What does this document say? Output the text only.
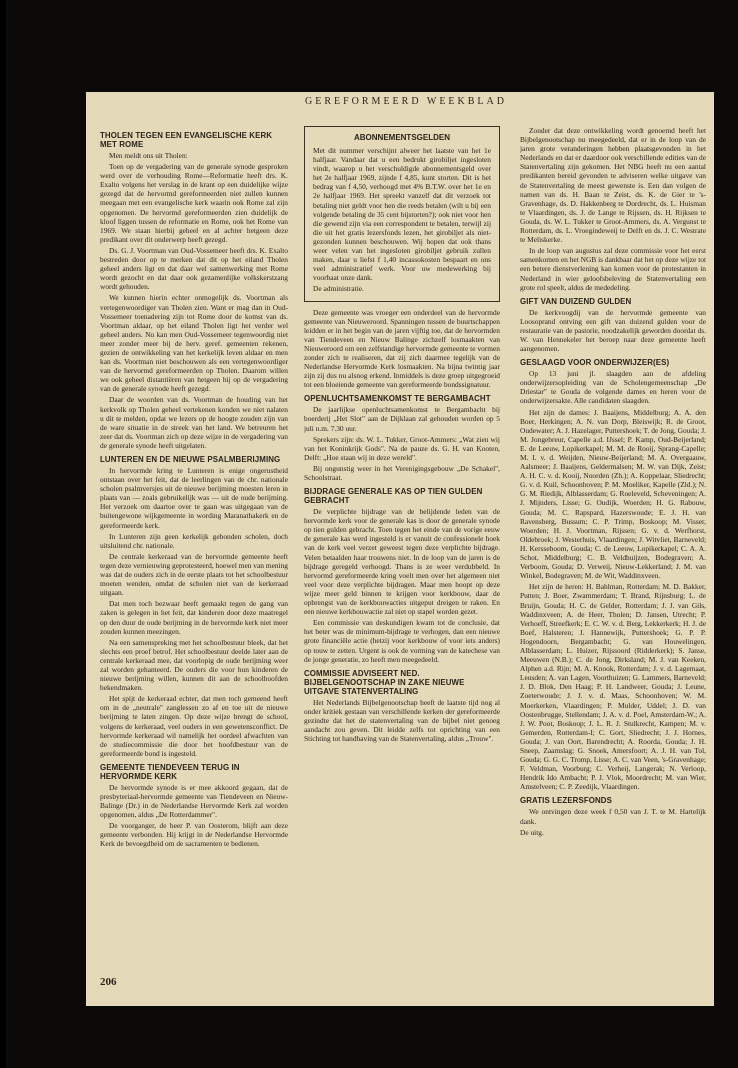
GEREFORMEERD WEEKBLAD
THOLEN TEGEN EEN EVANGELISCHE KERK MET ROME

Men meldt ons uit Tholen:

Toen op de vergadering van de generale synode gesproken werd over de verhouding Rome—Reformatie heeft drs. K. Exalto volgens het verslag in de krant op een duidelijke wijze gezegd dat de hervormd gereformeerden niet zullen kunnen meegaan met een evangelische kerk waarin ook Rome zal zijn opgenomen. De hervormd gereformeerden zien duidelijk de kloof liggen tussen de reformatie en Rome, ook het Rome van 1969. We staan hierbij geheel en al achter hetgeen deze predikant over dit onderwerp heeft gezegd.

Ds. G. J. Voortman van Oud-Vossemeer heeft drs. K. Exalto bestreden door op te merken dat dit op het eiland Tholen geheel anders ligt en dat daar wel samenwerking met Rome wordt gezocht en dat daar ook gezamenlijke volkskerstzang wordt gehouden.

We kunnen hierin echter onmogelijk ds. Voortman als vertegenwoordiger van Tholen zien. Want er mag dan in Oud-Vossemeer toenadering zijn tot Rome door de komst van ds. Voortman aldaar, op het eiland Tholen ligt het verder wel geheel anders. Nu kan men Oud-Vossemeer tegenwoordig niet meer zonder meer bij de herv. geref. gemeenten rekenen, gezien de ontwikkeling van het kerkelijk leven aldaar en men kan ds. Voortman niet beschouwen als een vertegenwoordiger van de hervormd gereformeerden op Tholen. Daarom willen we ook geheel distantiëren van hetgeen hij op de vergadering van de generale synode heeft gezegd.

Daar de woorden van ds. Voortman de houding van het kerkvolk op Tholen geheel vertekenen konden we niet nalaten u dit te melden, opdat we lezers op de hoogte zouden zijn van de ware situatie in de streek van het land. We betreuren het zeer dat ds. Voortman zich op deze wijze in de vergadering van de generale synode heeft uitgelaten.

LUNTEREN EN DE NIEUWE PSALMBERIJMING

In hervormde kring te Lunteren is enige ongerustheid ontstaan over het feit, dat de leerlingen van de chr. nationale scholen psalmversjes uit de nieuwe berijming moesten leren in plaats van — zoals gebruikelijk was — uit de oude berijming. Het verzoek om daartoe over te gaan was uitgegaan van de buitengewone wijkgemeente in wording Maranathakerk en de gereformeerde kerk.

In Lunteren zijn geen kerkelijk gebonden scholen, doch uitsluitend chr. nationale.

De centrale kerkeraad van de hervormde gemeente heeft tegen deze vernieuwing geprotesteerd, hoewel men van mening was dat de ouders zich in de eerste plaats tot het schoolbestuur moeten wenden, omdat de scholen niet van de kerkeraad uitgaan.

Dat men toch bezwaar heeft gemaakt tegen de gang van zaken is gelegen in het feit, dat kinderen door deze maatregel op den duur de oude berijming in de hervormde kerk niet meer zouden kunnen meezingen.

Na een samenspreking met het schoolbestuur bleek, dat het slechts een proef betrof. Het schoolbestuur deelde later aan de centrale kerkeraad mee, dat voorlopig de oude berijming weer zal worden gehanteerd. De ouders die voor hun kinderen de nieuwe berijming willen, kunnen dit aan de schoolhoofden bekendmaken.

Het spijt de kerkeraad echter, dat men toch gemeend heeft om in de „neutrale" zanglessen zo af en toe uit de nieuwe berijming te laten zingen. Op deze wijze brengt de school, volgens de kerkeraad, veel ouders in een gewetensconflict. De hervormde kerkeraad wil namelijk het oordeel afwachten van de studiecommissie die door het hoofdbestuur van de gereformeerde bond is ingesteld.

GEMEENTE TIENDEVEEN TERUG IN HERVORMDE KERK

De hervormde synode is er mee akkoord gegaan, dat de presbyteriaal-hervormde gemeente van Tiendeveen en Nieuw-Balinge (Dr.) in de Nederlandse Hervormde Kerk zal worden opgenomen, aldus „De Rotterdammer".

De voorganger, de heer P. van Oosterom, blijft aan deze gemeente verbonden. Hij krijgt in de Nederlandse Hervormde Kerk de bevoegdheid om de sacramenten te bedienen.

ABONNEMENTSGELDEN

Met dit nummer verschijnt alweer het laatste van het 1e halfjaar. Vandaar dat u een bedrukt girobiljet ingesloten vindt, waarop u het verschuldigde abonnementsgeld over het 2e halfjaar 1969, zijnde f 4,85, kunt storten. Dit is het bedrag van f 4,50, verhoogd met 4% B.T.W. over het 1e en 2e halfjaar 1969. Het spreekt vanzelf dat dit verzoek tot betaling niet geldt voor hen die reeds betalen (wilt u bij een volgende betaling de 35 cent bijstorten?); ook niet voor hen die gewend zijn via een correspondent te betalen, terwijl zij die uit het gratis lezersfonds lezen, het girobiljet als niet-gezonden kunnen beschouwen. Wij hopen dat ook thans weer velen van het ingesloten girobiljet gebruik zullen maken, daar u liefst f 1,40 incassokosten bespaart en ons veel administratief werk. Voor uw medewerking bij voorbaat onze dank.

De administratie.

Deze gemeente was vroeger een onderdeel van de hervormde gemeente van Nieuweroord. Spanningen tussen de buurtschappen leidden er in het begin van de jaren vijftig toe, dat de hervormden van Tiendeveen en Nieuw Balinge zichzelf losmaakten van Nieuweroord om een zelfstandige hervormde gemeente te vormen zonder zich te realiseren, dat zij zich daarmee tegelijk van de Nederlandse Hervormde Kerk losmaakten. Na bijna twintig jaar zijn zij dus nu alsnog erkend. Inmiddels is deze groep uitgegroeid tot een bloeiende gemeente van gereformeerde bondssignatuur.

OPENLUCHTSAMENKOMST TE BERGAMBACHT

De jaarlijkse openluchtsamenkomst te Bergambacht bij boerderij „Het Slot" aan de Dijklaan zal gehouden worden op 5 juli n.m. 7.30 uur.

Sprekers zijn: ds. W. L. Tukker, Groot-Ammers: „Wat zien wij van het Koninkrijk Gods". Na de pauze ds. G. H. van Kooten, Delft: „Hoe staan wij in deze wereld".

Bij ongunstig weer in het Verenigingsgebouw „De Schakel", Schoolstraat.

BIJDRAGE GENERALE KAS OP TIEN GULDEN GEBRACHT

De verplichte bijdrage van de belijdende leden van de hervormde kerk voor de generale kas is door de generale synode op tien gulden gebracht. Toen tegen het einde van de vorige eeuw de generale kas werd ingesteld is er vanuit de confessionele hoek van de kerk veel verzet geweest tegen deze verplichte bijdrage. Velen betaalden haar trouwens niet. In de loop van de jaren is de bijdrage geregeld verhoogd. Thans is ze weer verdubbeld. In hervormd gereformeerde kring voelt men over het algemeen niet veel voor deze verplichte bijdragen. Maar men hoopt op deze wijze meer geld binnen te krijgen voor kerkbouw, daar de opbrengst van de kerkbouwacties uitgeput dreigen te raken. En een nieuwe kerkbouwactie zal niet op stapel worden gezet.

Een commissie van deskundigen kwam tot de conclusie, dat het beter was de minimum-bijdrage te verhogen, dan een nieuwe grote financiële actie (hetzij voor kerkbouw of voor iets anders) op touw te zetten. Urgent is ook de vorming van de katechese van de jonge generatie, zo heeft men meegedeeld.

COMMISSIE ADVISEERT NED. BIJBELGENOOTSCHAP IN ZAKE NIEUWE UITGAVE STATENVERTALING

Het Nederlands Bijbelgenootschap heeft de laatste tijd nog al onder kritiek gestaan van verschillende kerken der gereformeerde gezindte dat het de statenvertaling van de bijbel niet genoeg aandacht zou geven. Dit leidde zelfs tot oprichting van een Stichting tot handhaving van de Statenvertaling, aldus „Trouw".

Zonder dat deze ontwikkeling wordt genoemd heeft het Bijbelgenootschap nu meegedeeld, dat er in de loop van de jaren grote veranderingen hebben plaatsgevonden in het Nederlands en dat er daardoor ook verschillende edities van de Statenvertaling zijn gekomen. Het NBG heeft nu een aantal predikanten bereid gevonden te adviseren welke uitgave van de Statenvertaling de meest gewenste is. Een dan volgen de namen van ds. H. Baan te Zeist, ds. K. de Gier te 's-Gravenhage, ds. D. Hakkenberg te Dordrecht, ds. L. Huisman te Vlaardingen, ds. J. de Lange te Rijssen, ds. H. Rijksen te Gouda, ds. W. L. Tukker te Groot-Ammers, ds. A. Vergunst te Rotterdam, ds. L. Vroegindeweij te Delft en ds. J. C. Westrate te Meliskerke.

In de loop van augustus zal deze commissie voor het eerst samenkomen en het NGB is dankbaar dat het op deze wijze tot een betere dienstverlening kan komen voor de protestanten in Nederland in wier geloofsbeleving de Statenvertaling een grote rol speelt, aldus de mededeling.

GIFT VAN DUIZEND GULDEN

De kerkvoogdij van de hervormde gemeente van Loosoprand ontving een gift van duizend gulden voor de restauratie van de pastorie, noodzakelijk geworden doordat ds. W. van Hennekeler het beroep naar deze gemeente heeft aangenomen.

GESLAAGD VOOR ONDERWIJZER(ES)

Op 13 juni jl. slaagden aan de afdeling onderwijzersopleiding van de Scholengemeenschap „De Driestar" te Gouda de volgende dames en heren voor de onderwijzersakte. Alle candidaten slaagden.

Het zijn de dames: J. Baaijens, Middelburg; A. A. den Boer, Herkingen; A. N. van Dorp, Bleiswijk; R. de Groot, Oudewater; A. J. Hazelager, Puttershoek; T. de Jong, Gouda; J. M. Jongebreur, Capelle a.d. IJssel; P. Kamp, Oud-Beijerland; E. de Leeuw, Lopikerkapel; M. M. de Rooij, Sprang-Capelle; M. I. v. d. Weijden, Nieuw-Beijerland; M. A. Overgaauw, Aalsmeer; J. Baaijens, Geldermalsen; M. W. van Dijk, Zeist; A. H. C. v. d. Kooij, Noorden (Zh.); A. Koppelaar, Sliedrecht; G. v. d. Kuil, Schoonhoven; P. M. Moeliker, Kapelle (Zld.); N. G. M. Riedijk, Alblasserdam; G. Roeleveld, Scheveningen; A. J. Mijnders, Lisse; G. Oudijk, Woerden; H. G. Rabouw, Gouda; M. C. Rapspard, Hazerswoude; E. J. H. van Ravensberg, Bussum; C. P. Trimp, Boskoop; M. Visser, Woerden; H. J. Voortman, Rijssen; G. v. d. Werfhorst, Oldebroek; J. Westerhuis, Vlaardingen; J. Witvliet, Barneveld; H. Kersseboom, Gouda; C. de Leeuw, Lopikerkapel; C. A. A. Schot, Middelburg; C. B. Veldhuijzen, Bodegraven; A. Verboom, Gouda; D. Verweij, Nieuw-Lekkerland; J. M. van Winkel, Bodegraven; M. de Wit, Waddinxveen.

Het zijn de heren: H. Bahlman, Rotterdam; M. D. Bakker, Putten; J. Boer, Zwammerdam; T. Brand, Rijnsburg; L. de Bruijn, Gouda; H. C. de Gelder, Rotterdam; J. J. van Gils, Waddinxveen; A. de Heer, Tholen; D. Jansen, Utrecht; P. Verhoeff, Streefkerk; E. C. W. v. d. Berg, Lekkerkerk; H. J. de Boef, Halsteren; J. Hannewijk, Puttershoek; G. P. P. Hogendoorn, Bergambacht; G. van Houwelingen, Alblasserdam; L. Huizer, Rijssoord (Ridderkerk); S. Janse, Meeuwen (N.B.); C. de Jong, Dirksland; M. J. van Keeken, Alphen a.d. Rijn; M. A. Knook, Rotterdam; J. v. d. Lagemaat, Leusden; A. van Lagen, Voorthuizen; G. Lammers, Barneveld; J. D. Blok, Den Haag; P. H. Landweer, Gouda; J. Leune, Zoeterwoude; J. J. v. d. Maas, Schoonhoven; W. M. Moerkerken, Vlaardingen; P. Mulder, Uddel; J. D. van Oostenbrugge, Stellendam; J. A. v. d. Poel, Amsterdam-W.; A. J. W. Poot, Boskoop; J. L. R. J. Stulkrecht, Kampen; M. v. Gemerden, Rotterdam-I; C. Gort, Sliedrecht; J. J. Hornes, Gouda; J. van Oort, Barendrecht; A. Roorda, Gouda; J. H. Sneep, Zaamslag; G. Snoek, Amersfoort; A. J. H. van Tol, Gouda; G. G. C. Tromp, Lisse; A. C. van Veen, 's-Gravenhage; F. Veldman, Voorburg; C. Verheij, Langerak; N. Verloop, Hendrik Ido Ambacht; P. J. Vlok, Moordrecht; M. van Wier, Amstelveen; C. P. Zeedijk, Vlaardingen.

GRATIS LEZERSFONDS

We ontvingen deze week f 0,50 van J. T. te M. Hartelijk dank.

De uitg.

206
